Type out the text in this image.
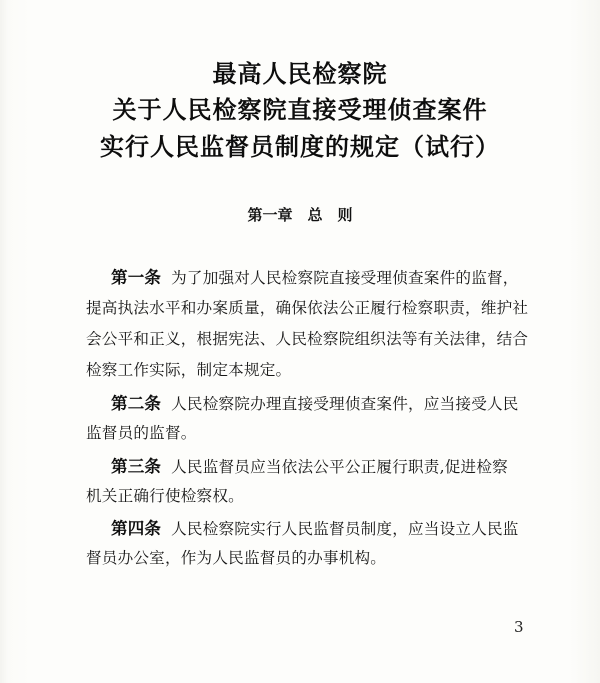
最高人民检察院
关于人民检察院直接受理侦查案件
实行人民监督员制度的规定（试行）
第一章　总　则
第一条 为了加强对人民检察院直接受理侦查案件的监督，
提高执法水平和办案质量，确保依法公正履行检察职责，维护社
会公平和正义，根据宪法、人民检察院组织法等有关法律，结合
检察工作实际，制定本规定。
第二条 人民检察院办理直接受理侦查案件，应当接受人民
监督员的监督。
第三条 人民监督员应当依法公平公正履行职责,促进检察
机关正确行使检察权。
第四条 人民检察院实行人民监督员制度，应当设立人民监
督员办公室，作为人民监督员的办事机构。
3
